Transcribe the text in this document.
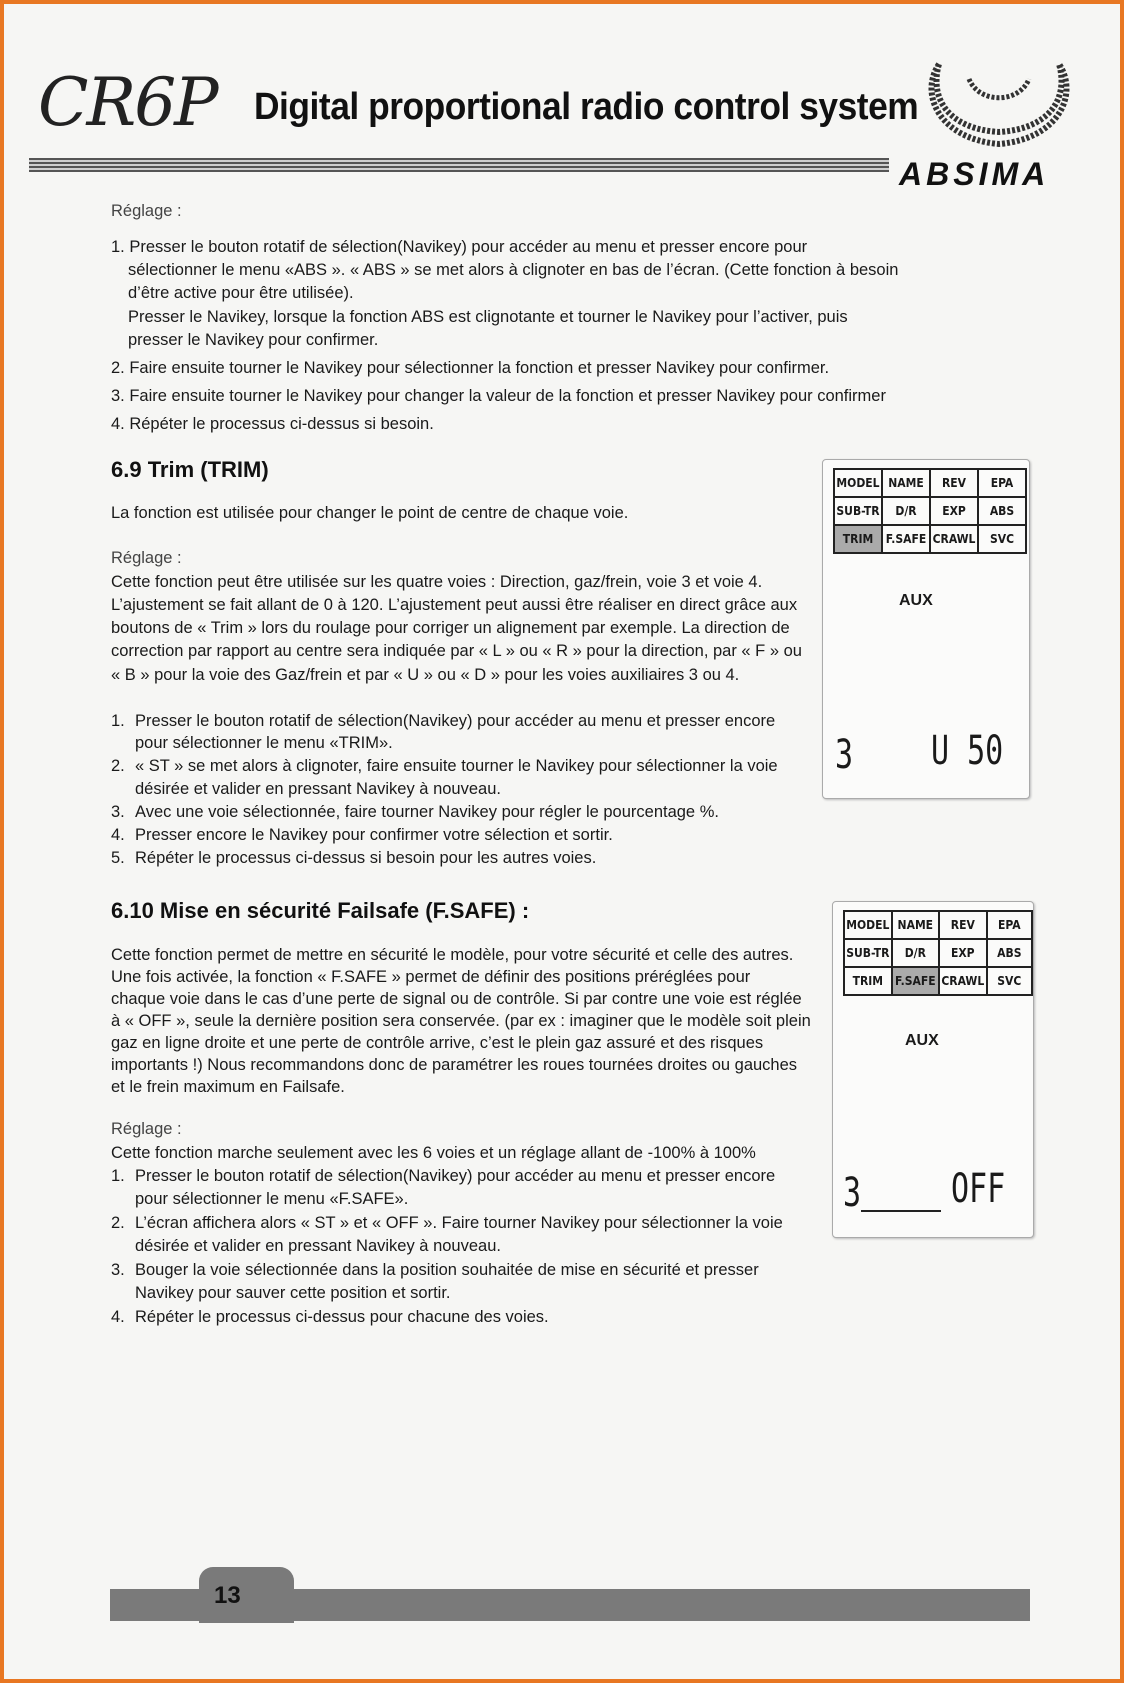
CR6P Digital proportional radio control system
ABSIMA
Réglage :
1. Presser le bouton rotatif de sélection(Navikey) pour accéder au menu et presser encore pour
sélectionner le menu «ABS ». « ABS » se met alors à clignoter en bas de l’écran. (Cette fonction à besoin
d’être active pour être utilisée).
Presser le Navikey, lorsque la fonction ABS est clignotante et tourner le Navikey pour l’activer, puis
presser le Navikey pour confirmer.
2. Faire ensuite tourner le Navikey pour sélectionner la fonction et presser Navikey pour confirmer.
3. Faire ensuite tourner le Navikey pour changer la valeur de la fonction et presser Navikey pour confirmer
4. Répéter le processus ci-dessus si besoin.
6.9 Trim (TRIM)
La fonction est utilisée pour changer le point de centre de chaque voie.
Réglage :
Cette fonction peut être utilisée sur les quatre voies : Direction, gaz/frein, voie 3 et voie 4.
L’ajustement se fait allant de 0 à 120. L’ajustement peut aussi être réaliser en direct grâce aux
boutons de « Trim » lors du roulage pour corriger un alignement par exemple. La direction de
correction par rapport au centre sera indiquée par « L » ou « R » pour la direction, par « F » ou
« B » pour la voie des Gaz/frein et par « U » ou « D » pour les voies auxiliaires 3 ou 4.
1. Presser le bouton rotatif de sélection(Navikey) pour accéder au menu et presser encore
pour sélectionner le menu «TRIM».
2. « ST » se met alors à clignoter, faire ensuite tourner le Navikey pour sélectionner la voie
désirée et valider en pressant Navikey à nouveau.
3. Avec une voie sélectionnée, faire tourner Navikey pour régler le pourcentage %.
4. Presser encore le Navikey pour confirmer votre sélection et sortir.
5. Répéter le processus ci-dessus si besoin pour les autres voies.
MODEL	NAME	REV	EPA
SUB-TR	D/R	EXP	ABS
TRIM	F.SAFE	CRAWL	SVC
AUX
3 U 50
6.10 Mise en sécurité Failsafe (F.SAFE) :
Cette fonction permet de mettre en sécurité le modèle, pour votre sécurité et celle des autres.
Une fois activée, la fonction « F.SAFE » permet de définir des positions préréglées pour
chaque voie dans le cas d’une perte de signal ou de contrôle. Si par contre une voie est réglée
à « OFF », seule la dernière position sera conservée. (par ex : imaginer que le modèle soit plein
gaz en ligne droite et une perte de contrôle arrive, c’est le plein gaz assuré et des risques
importants !) Nous recommandons donc de paramétrer les roues tournées droites ou gauches
et le frein maximum en Failsafe.
Réglage :
Cette fonction marche seulement avec les 6 voies et un réglage allant de -100% à 100%
1. Presser le bouton rotatif de sélection(Navikey) pour accéder au menu et presser encore
pour sélectionner le menu «F.SAFE».
2. L’écran affichera alors « ST » et « OFF ». Faire tourner Navikey pour sélectionner la voie
désirée et valider en pressant Navikey à nouveau.
3. Bouger la voie sélectionnée dans la position souhaitée de mise en sécurité et presser
Navikey pour sauver cette position et sortir.
4. Répéter le processus ci-dessus pour chacune des voies.
MODEL	NAME	REV	EPA
SUB-TR	D/R	EXP	ABS
TRIM	F.SAFE	CRAWL	SVC
AUX
3 OFF
13
